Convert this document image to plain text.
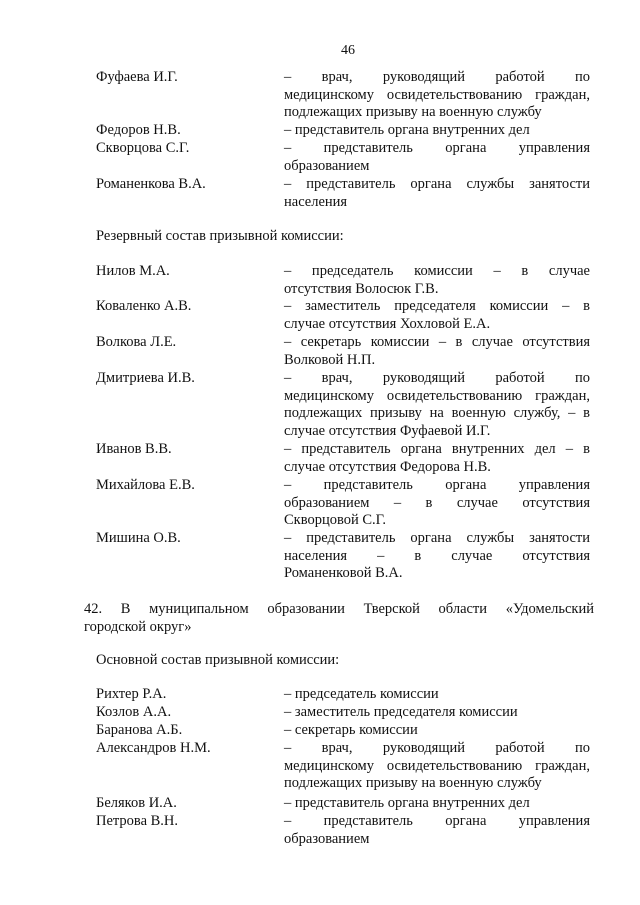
46
Фуфаева И.Г.	– врач, руководящий работой по
медицинскому освидетельствованию граждан,
подлежащих призыву на военную службу
Федоров Н.В.	– представитель органа внутренних дел
Скворцова С.Г.	– представитель органа управления
образованием
Романенкова В.А.	– представитель органа службы занятости
населения
Резервный состав призывной комиссии:
Нилов М.А.	– председатель комиссии – в случае
отсутствия Волосюк Г.В.
Коваленко А.В.	– заместитель председателя комиссии – в
случае отсутствия Хохловой Е.А.
Волкова Л.Е.	– секретарь комиссии – в случае отсутствия
Волковой Н.П.
Дмитриева И.В.	– врач, руководящий работой по
медицинскому освидетельствованию граждан,
подлежащих призыву на военную службу, – в
случае отсутствия Фуфаевой И.Г.
Иванов В.В.	– представитель органа внутренних дел – в
случае отсутствия Федорова Н.В.
Михайлова Е.В.	– представитель органа управления
образованием – в случае отсутствия
Скворцовой С.Г.
Мишина О.В.	– представитель органа службы занятости
населения – в случае отсутствия
Романенковой В.А.
42. В муниципальном образовании Тверской области «Удомельский
городской округ»
Основной состав призывной комиссии:
Рихтер Р.А.	– председатель комиссии
Козлов А.А.	– заместитель председателя комиссии
Баранова А.Б.	– секретарь комиссии
Александров Н.М.	– врач, руководящий работой по
медицинскому освидетельствованию граждан,
подлежащих призыву на военную службу
Беляков И.А.	– представитель органа внутренних дел
Петрова В.Н.	– представитель органа управления
образованием
